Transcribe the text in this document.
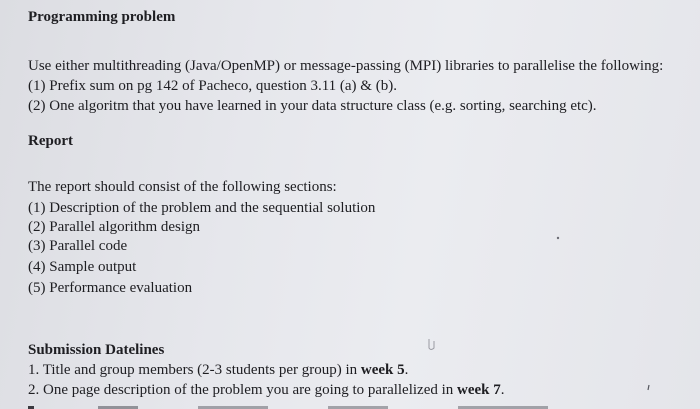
Programming problem
Use either multithreading (Java/OpenMP) or message-passing (MPI) libraries to parallelise the following:
(1) Prefix sum on pg 142 of Pacheco, question 3.11 (a) & (b).
(2) One algoritm that you have learned in your data structure class (e.g. sorting, searching etc).
Report
The report should consist of the following sections:
(1) Description of the problem and the sequential solution
(2) Parallel algorithm design
(3) Parallel code
(4) Sample output
(5) Performance evaluation
Submission Datelines
1. Title and group members (2-3 students per group) in week 5.
2. One page description of the problem you are going to parallelized in week 7.
